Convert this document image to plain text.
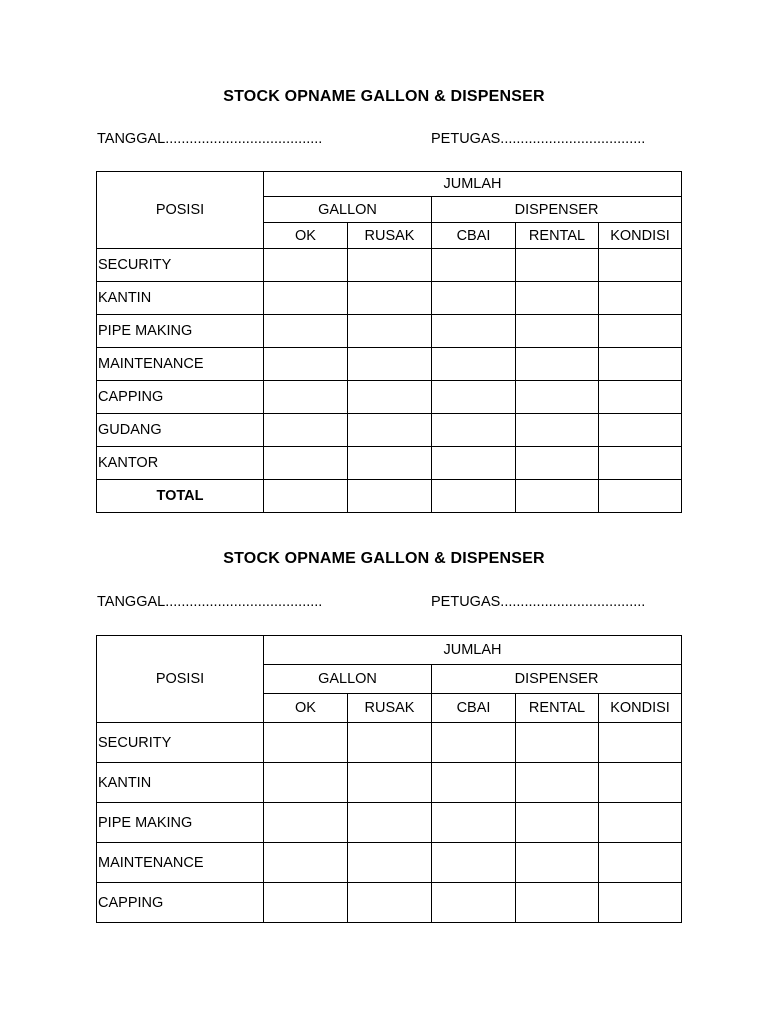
STOCK OPNAME GALLON & DISPENSER
TANGGAL.......................................	PETUGAS....................................
POSISI	JUMLAH				
	GALLON		DISPENSER		
	OK	RUSAK	CBAI	RENTAL	KONDISI
SECURITY					
KANTIN					
PIPE MAKING					
MAINTENANCE					
CAPPING					
GUDANG					
KANTOR					
TOTAL					
STOCK OPNAME GALLON & DISPENSER
TANGGAL.......................................	PETUGAS....................................
POSISI	JUMLAH				
	GALLON		DISPENSER		
	OK	RUSAK	CBAI	RENTAL	KONDISI
SECURITY					
KANTIN					
PIPE MAKING					
MAINTENANCE					
CAPPING					
